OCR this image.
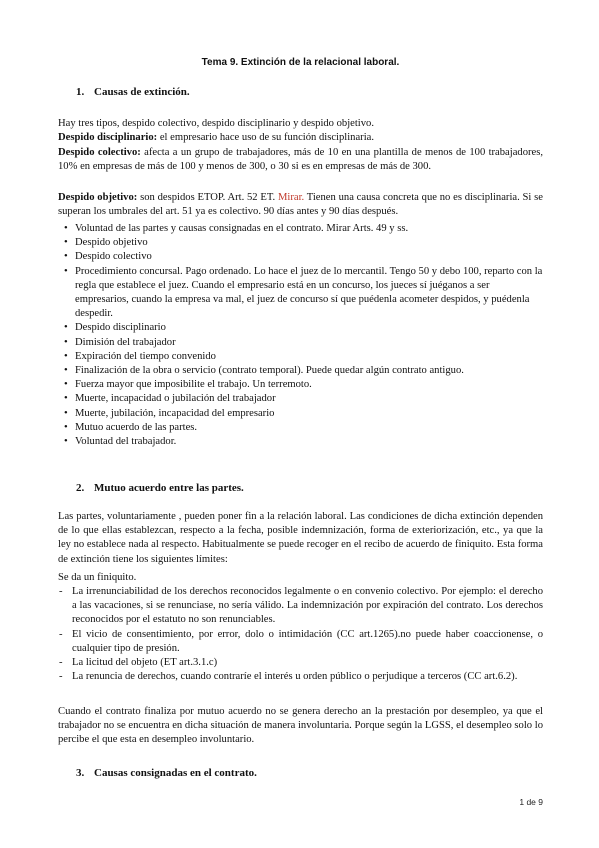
Tema 9. Extinción de la relacional laboral.
1. Causas de extinción.

Hay tres tipos, despido colectivo, despido disciplinario y despido objetivo.

Despido disciplinario: el empresario hace uso de su función disciplinaria.

Despido colectivo: afecta a un grupo de trabajadores, más de 10 en una plantilla de menos de 100 trabajadores, 10% en empresas de más de 100 y menos de 300, o 30 si es en empresas de más de 300.

Despido objetivo: son despidos ETOP. Art. 52 ET. Mirar. Tienen una causa concreta que no es disciplinaria. Si se superan los umbrales del art. 51 ya es colectivo. 90 días antes y 90 días después.

• Voluntad de las partes y causas consignadas en el contrato. Mirar Arts. 49 y ss.
• Despido objetivo
• Despido colectivo
• Procedimiento concursal. Pago ordenado. Lo hace el juez de lo mercantil. Tengo 50 y debo 100, reparto con la regla que establece el juez. Cuando el empresario está en un concurso, los jueces sí juéganos a ser empresarios, cuando la empresa va mal, el juez de concurso sí que puédenla acometer despidos, y puédenla despedir.
• Despido disciplinario
• Dimisión del trabajador
• Expiración del tiempo convenido
• Finalización de la obra o servicio (contrato temporal). Puede quedar algún contrato antiguo.
• Fuerza mayor que imposibilite el trabajo. Un terremoto.
• Muerte, incapacidad o jubilación del trabajador
• Muerte, jubilación, incapacidad del empresario
• Mutuo acuerdo de las partes.
• Voluntad del trabajador.
2. Mutuo acuerdo entre las partes.

Las partes, voluntariamente , pueden poner fin a la relación laboral. Las condiciones de dicha extinción dependen de lo que ellas establezcan, respecto a la fecha, posible indemnización, forma de exteriorización, etc., ya que la ley no establece nada al respecto. Habitualmente se puede recoger en el recibo de acuerdo de finiquito. Esta forma de extinción tiene los siguientes límites:

Se da un finiquito.

- La irrenunciabilidad de los derechos reconocidos legalmente o en convenio colectivo. Por ejemplo: el derecho a las vacaciones, si se renunciase, no sería válido. La indemnización por expiración del contrato. Los derechos reconocidos por el estatuto no son renunciables.
- El vicio de consentimiento, por error, dolo o intimidación (CC art.1265).no puede haber coaccionense, o cualquier tipo de presión.
- La licitud del objeto (ET art.3.1.c)
- La renuncia de derechos, cuando contraríe el interés u orden público o perjudique a terceros (CC art.6.2).

Cuando el contrato finaliza por mutuo acuerdo no se genera derecho an la prestación por desempleo, ya que el trabajador no se encuentra en dicha situación de manera involuntaria. Porque según la LGSS, el desempleo solo lo percibe el que esta en desempleo involuntario.

3. Causas consignadas en el contrato.
1 de 9
